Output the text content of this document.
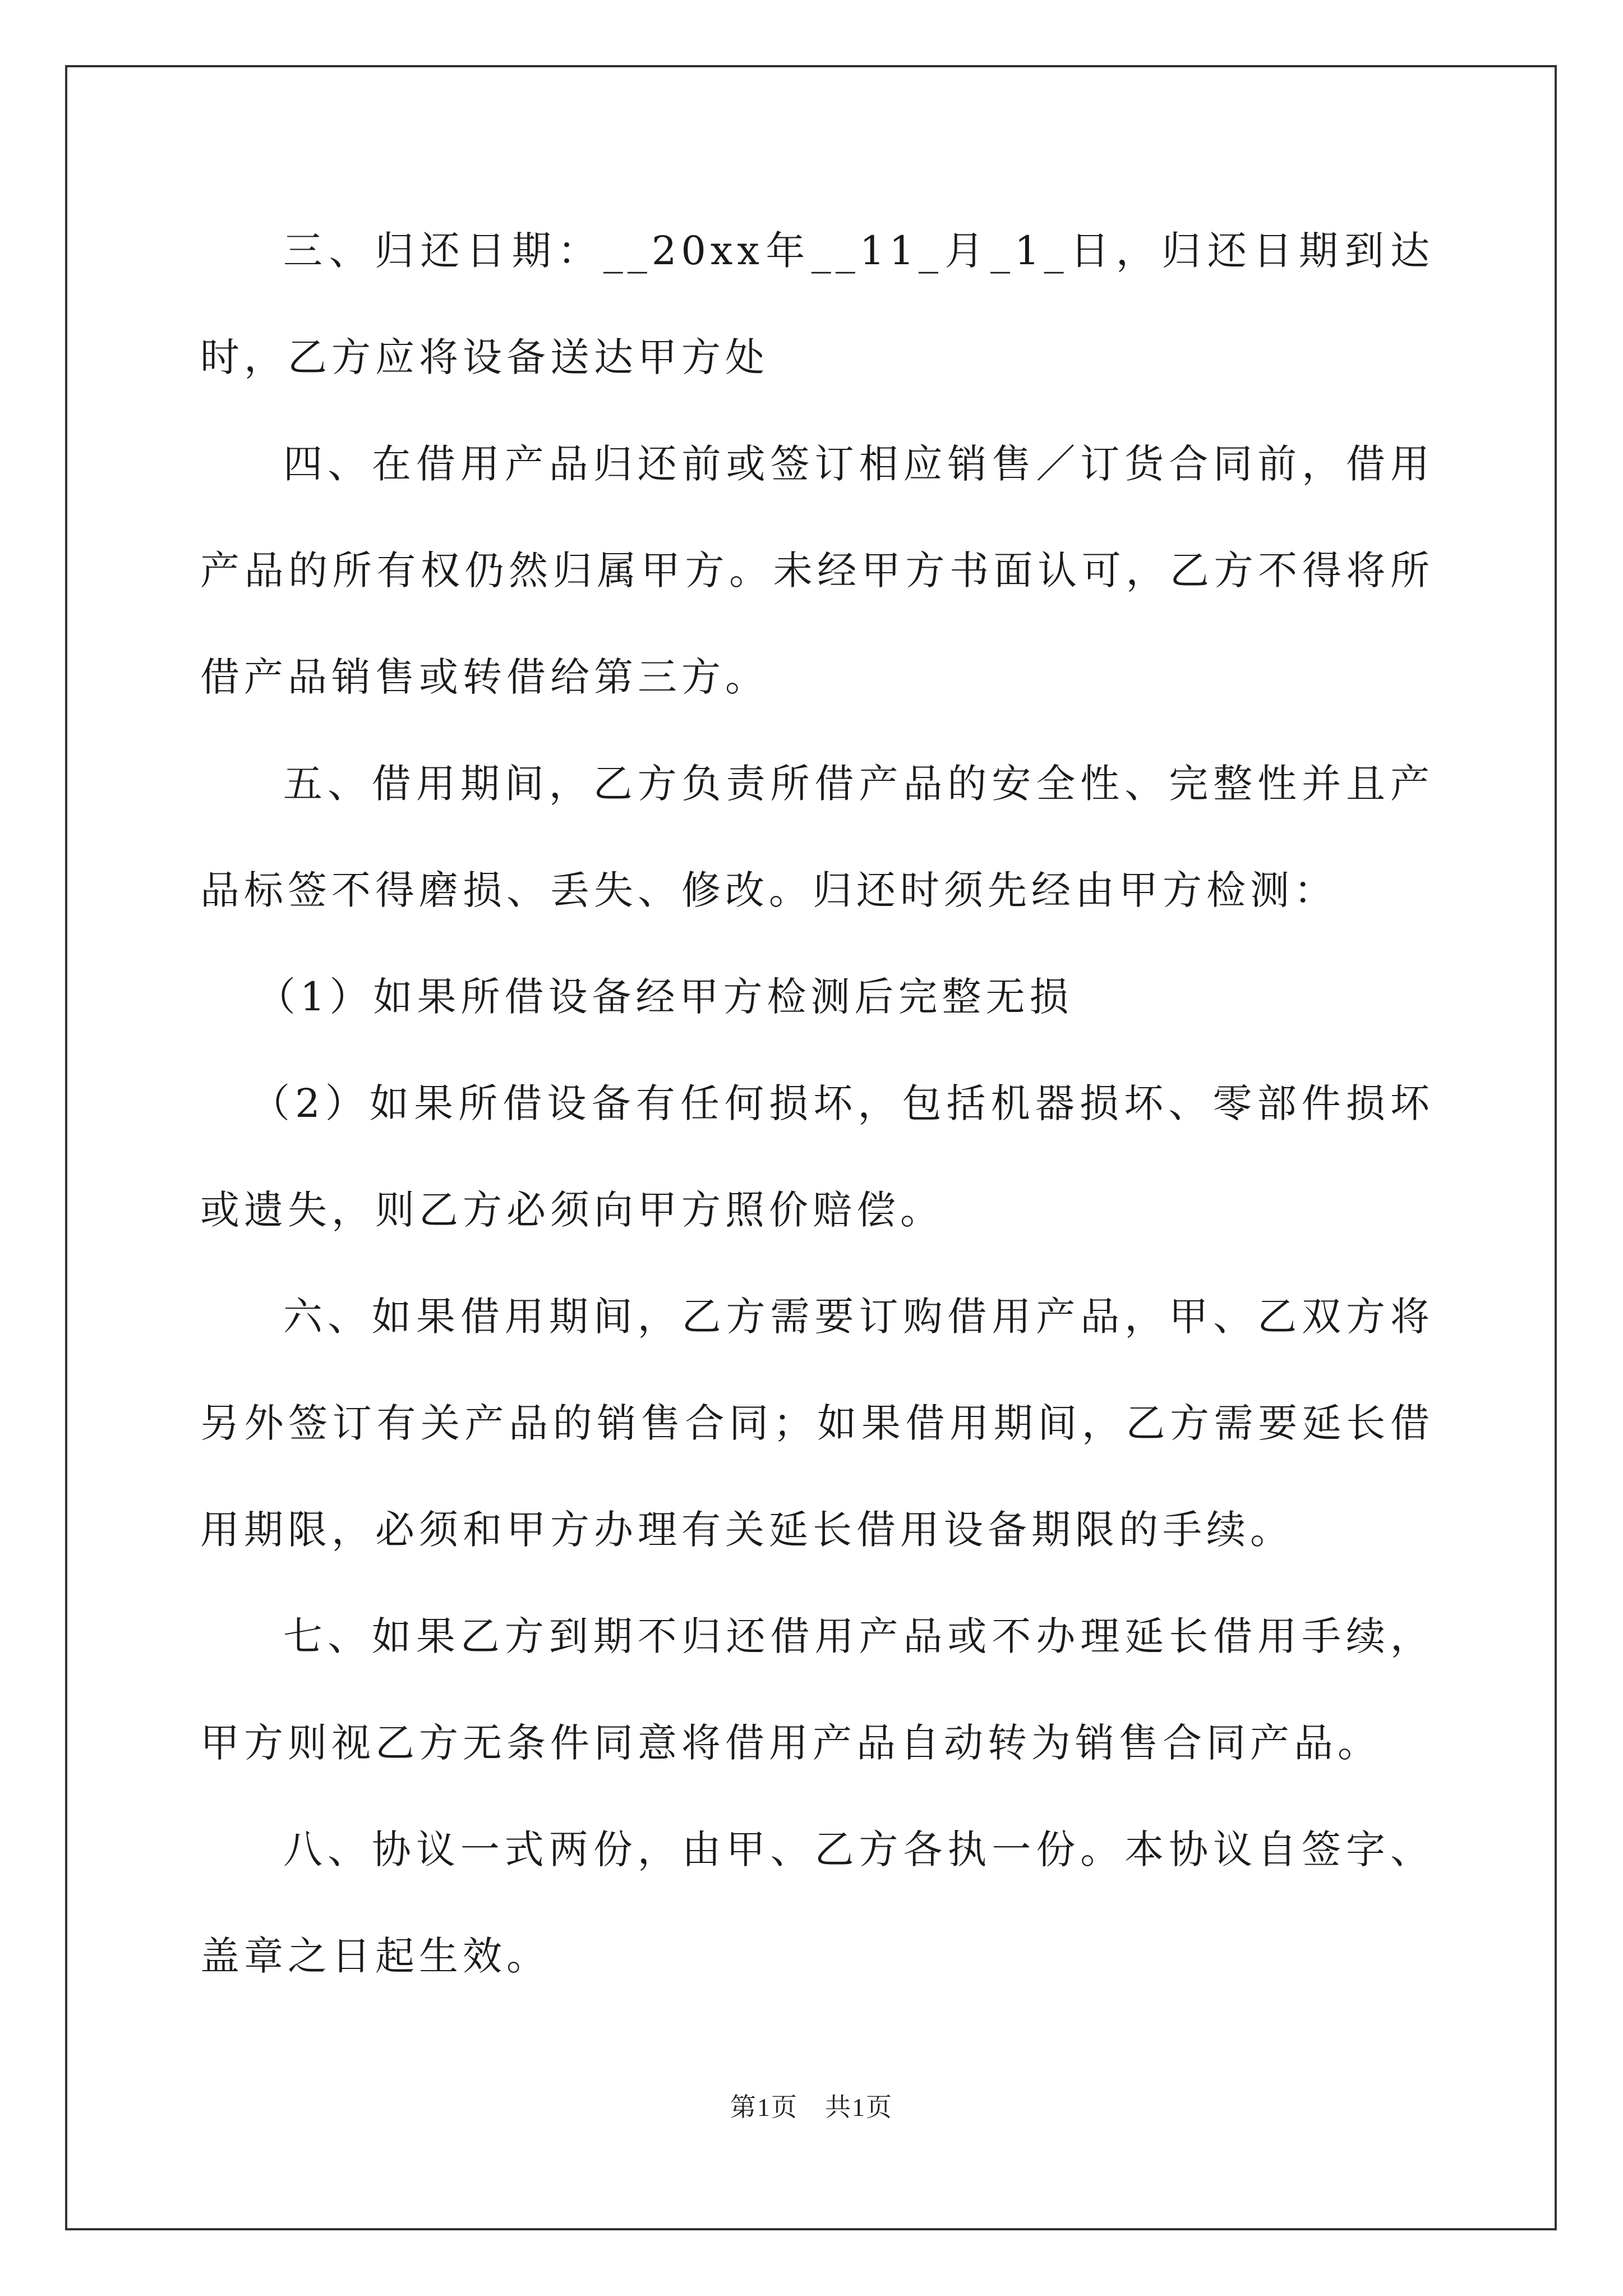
三、归还日期：__20xx年__11_月_1_日，归还日期到达时，乙方应将设备送达甲方处

四、在借用产品归还前或签订相应销售／订货合同前，借用产品的所有权仍然归属甲方。未经甲方书面认可，乙方不得将所借产品销售或转借给第三方。

五、借用期间，乙方负责所借产品的安全性、完整性并且产品标签不得磨损、丢失、修改。归还时须先经由甲方检测：

（1）如果所借设备经甲方检测后完整无损

（2）如果所借设备有任何损坏，包括机器损坏、零部件损坏或遗失，则乙方必须向甲方照价赔偿。

六、如果借用期间，乙方需要订购借用产品，甲、乙双方将另外签订有关产品的销售合同；如果借用期间，乙方需要延长借用期限，必须和甲方办理有关延长借用设备期限的手续。

七、如果乙方到期不归还借用产品或不办理延长借用手续，甲方则视乙方无条件同意将借用产品自动转为销售合同产品。

八、协议一式两份，由甲、乙方各执一份。本协议自签字、盖章之日起生效。

第1页　共1页
